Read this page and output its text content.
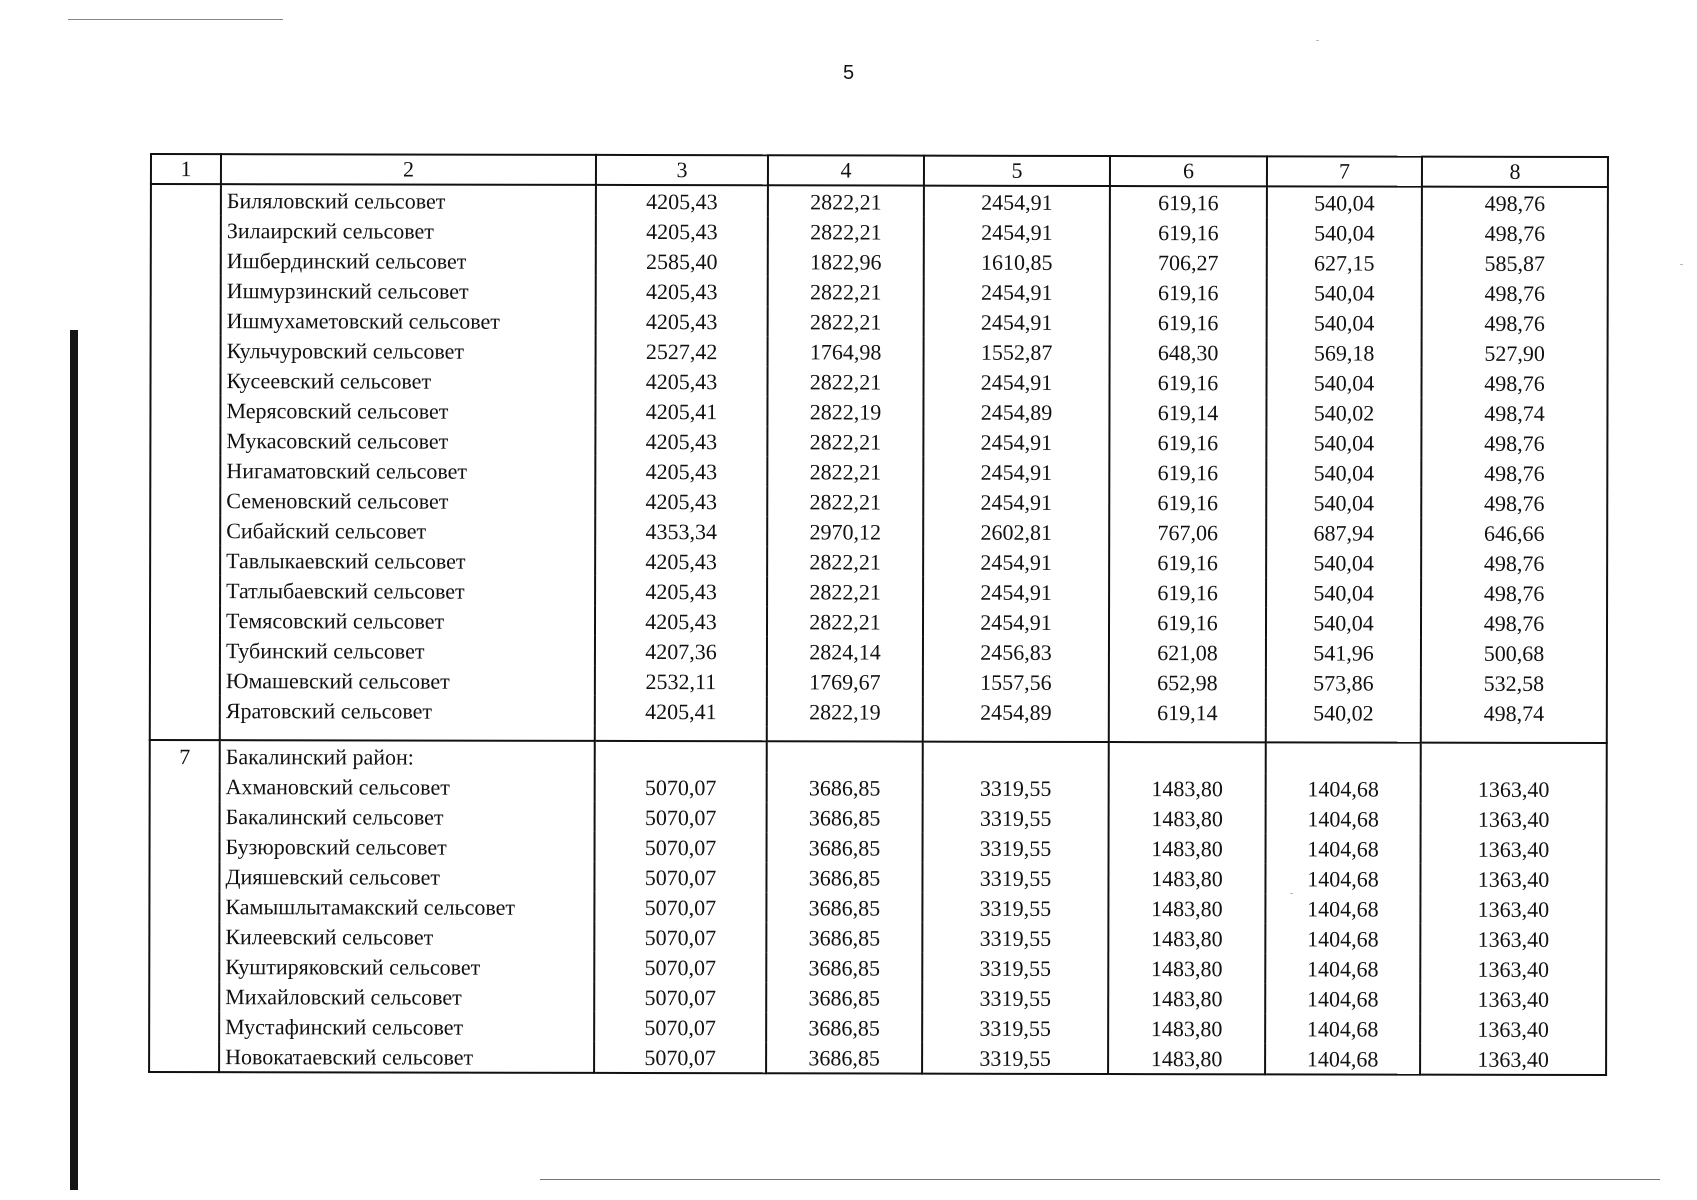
5
1	2	3	4	5	6	7	8
	Биляловский сельсовет	4205,43	2822,21	2454,91	619,16	540,04	498,76
	Зилаирский сельсовет	4205,43	2822,21	2454,91	619,16	540,04	498,76
	Ишбердинский сельсовет	2585,40	1822,96	1610,85	706,27	627,15	585,87
	Ишмурзинский сельсовет	4205,43	2822,21	2454,91	619,16	540,04	498,76
	Ишмухаметовский сельсовет	4205,43	2822,21	2454,91	619,16	540,04	498,76
	Кульчуровский сельсовет	2527,42	1764,98	1552,87	648,30	569,18	527,90
	Кусеевский сельсовет	4205,43	2822,21	2454,91	619,16	540,04	498,76
	Мерясовский сельсовет	4205,41	2822,19	2454,89	619,14	540,02	498,74
	Мукасовский сельсовет	4205,43	2822,21	2454,91	619,16	540,04	498,76
	Нигаматовский сельсовет	4205,43	2822,21	2454,91	619,16	540,04	498,76
	Семеновский сельсовет	4205,43	2822,21	2454,91	619,16	540,04	498,76
	Сибайский сельсовет	4353,34	2970,12	2602,81	767,06	687,94	646,66
	Тавлыкаевский сельсовет	4205,43	2822,21	2454,91	619,16	540,04	498,76
	Татлыбаевский сельсовет	4205,43	2822,21	2454,91	619,16	540,04	498,76
	Темясовский сельсовет	4205,43	2822,21	2454,91	619,16	540,04	498,76
	Тубинский сельсовет	4207,36	2824,14	2456,83	621,08	541,96	500,68
	Юмашевский сельсовет	2532,11	1769,67	1557,56	652,98	573,86	532,58
	Яратовский сельсовет	4205,41	2822,19	2454,89	619,14	540,02	498,74

7	Бакалинский район:						
	Ахмановский сельсовет	5070,07	3686,85	3319,55	1483,80	1404,68	1363,40
	Бакалинский сельсовет	5070,07	3686,85	3319,55	1483,80	1404,68	1363,40
	Бузюровский сельсовет	5070,07	3686,85	3319,55	1483,80	1404,68	1363,40
	Дияшевский сельсовет	5070,07	3686,85	3319,55	1483,80	1404,68	1363,40
	Камышлытамакский сельсовет	5070,07	3686,85	3319,55	1483,80	1404,68	1363,40
	Килеевский сельсовет	5070,07	3686,85	3319,55	1483,80	1404,68	1363,40
	Куштиряковский сельсовет	5070,07	3686,85	3319,55	1483,80	1404,68	1363,40
	Михайловский сельсовет	5070,07	3686,85	3319,55	1483,80	1404,68	1363,40
	Мустафинский сельсовет	5070,07	3686,85	3319,55	1483,80	1404,68	1363,40
	Новокатаевский сельсовет	5070,07	3686,85	3319,55	1483,80	1404,68	1363,40
